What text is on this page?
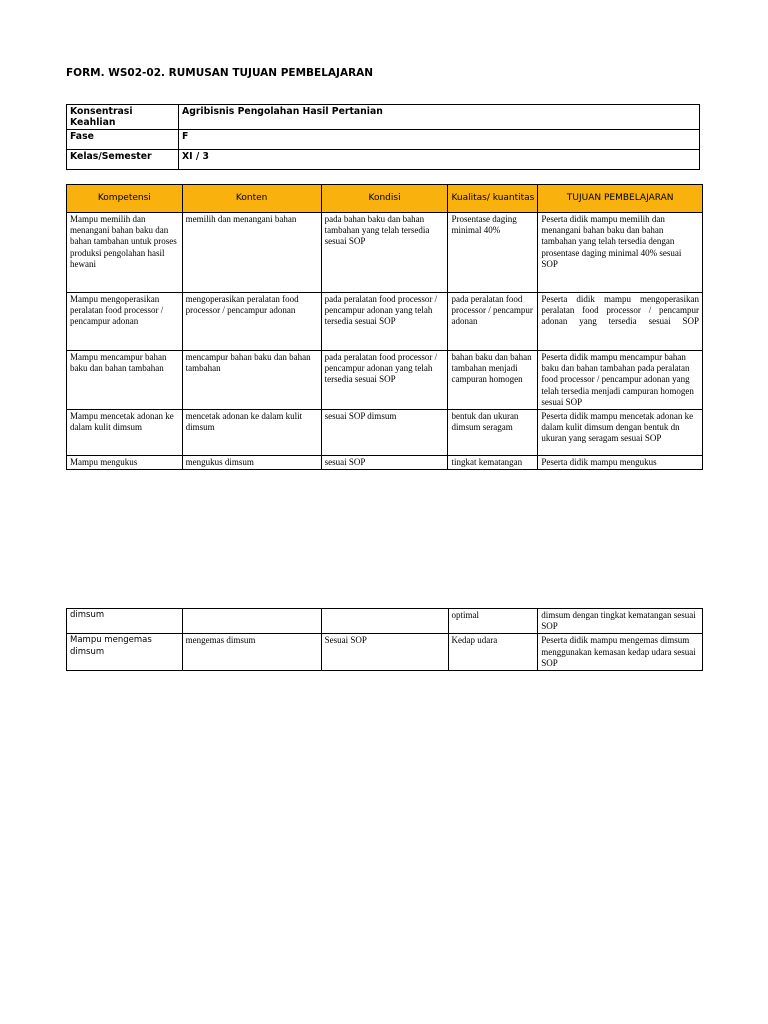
FORM. WS02-02. RUMUSAN TUJUAN PEMBELAJARAN
Konsentrasi Keahlian	Agribisnis Pengolahan Hasil Pertanian
Fase	F
Kelas/Semester	XI / 3
Kompetensi	Konten	Kondisi	Kualitas/ kuantitas	TUJUAN PEMBELAJARAN
Mampu memilih dan menangani bahan baku dan bahan tambahan untuk proses produksi pengolahan hasil hewani	memilih dan menangani bahan	pada bahan baku dan bahan tambahan yang telah tersedia sesuai SOP	Prosentase daging minimal 40%	Peserta didik mampu memilih dan menangani bahan baku dan bahan tambahan yang telah tersedia dengan prosentase daging minimal 40% sesuai SOP
Mampu mengoperasikan peralatan food processor / pencampur adonan	mengoperasikan peralatan food processor / pencampur adonan	pada peralatan food processor / pencampur adonan yang telah tersedia sesuai SOP	pada peralatan food processor / pencampur adonan	Peserta didik mampu mengoperasikan peralatan food processor / pencampur adonan yang tersedia sesuai SOP
Mampu mencampur bahan baku dan bahan tambahan	mencampur bahan baku dan bahan tambahan	pada peralatan food processor / pencampur adonan yang telah tersedia sesuai SOP	bahan baku dan bahan tambahan menjadi campuran homogen	Peserta didik mampu mencampur bahan baku dan bahan tambahan pada peralatan food processor / pencampur adonan yang telah tersedia menjadi campuran homogen sesuai SOP
Mampu mencetak adonan ke dalam kulit dimsum	mencetak adonan ke dalam kulit dimsum	sesuai SOP dimsum	bentuk dan ukuran dimsum seragam	Peserta didik mampu mencetak adonan ke dalam kulit dimsum dengan bentuk dn ukuran yang seragam sesuai SOP
Mampu mengukus	mengukus dimsum	sesuai SOP	tingkat kematangan	Peserta didik mampu mengukus
dimsum			optimal	dimsum dengan tingkat kematangan sesuai SOP
Mampu mengemas dimsum	mengemas dimsum	Sesuai SOP	Kedap udara	Peserta didik mampu mengemas dimsum menggunakan kemasan kedap udara sesuai SOP
